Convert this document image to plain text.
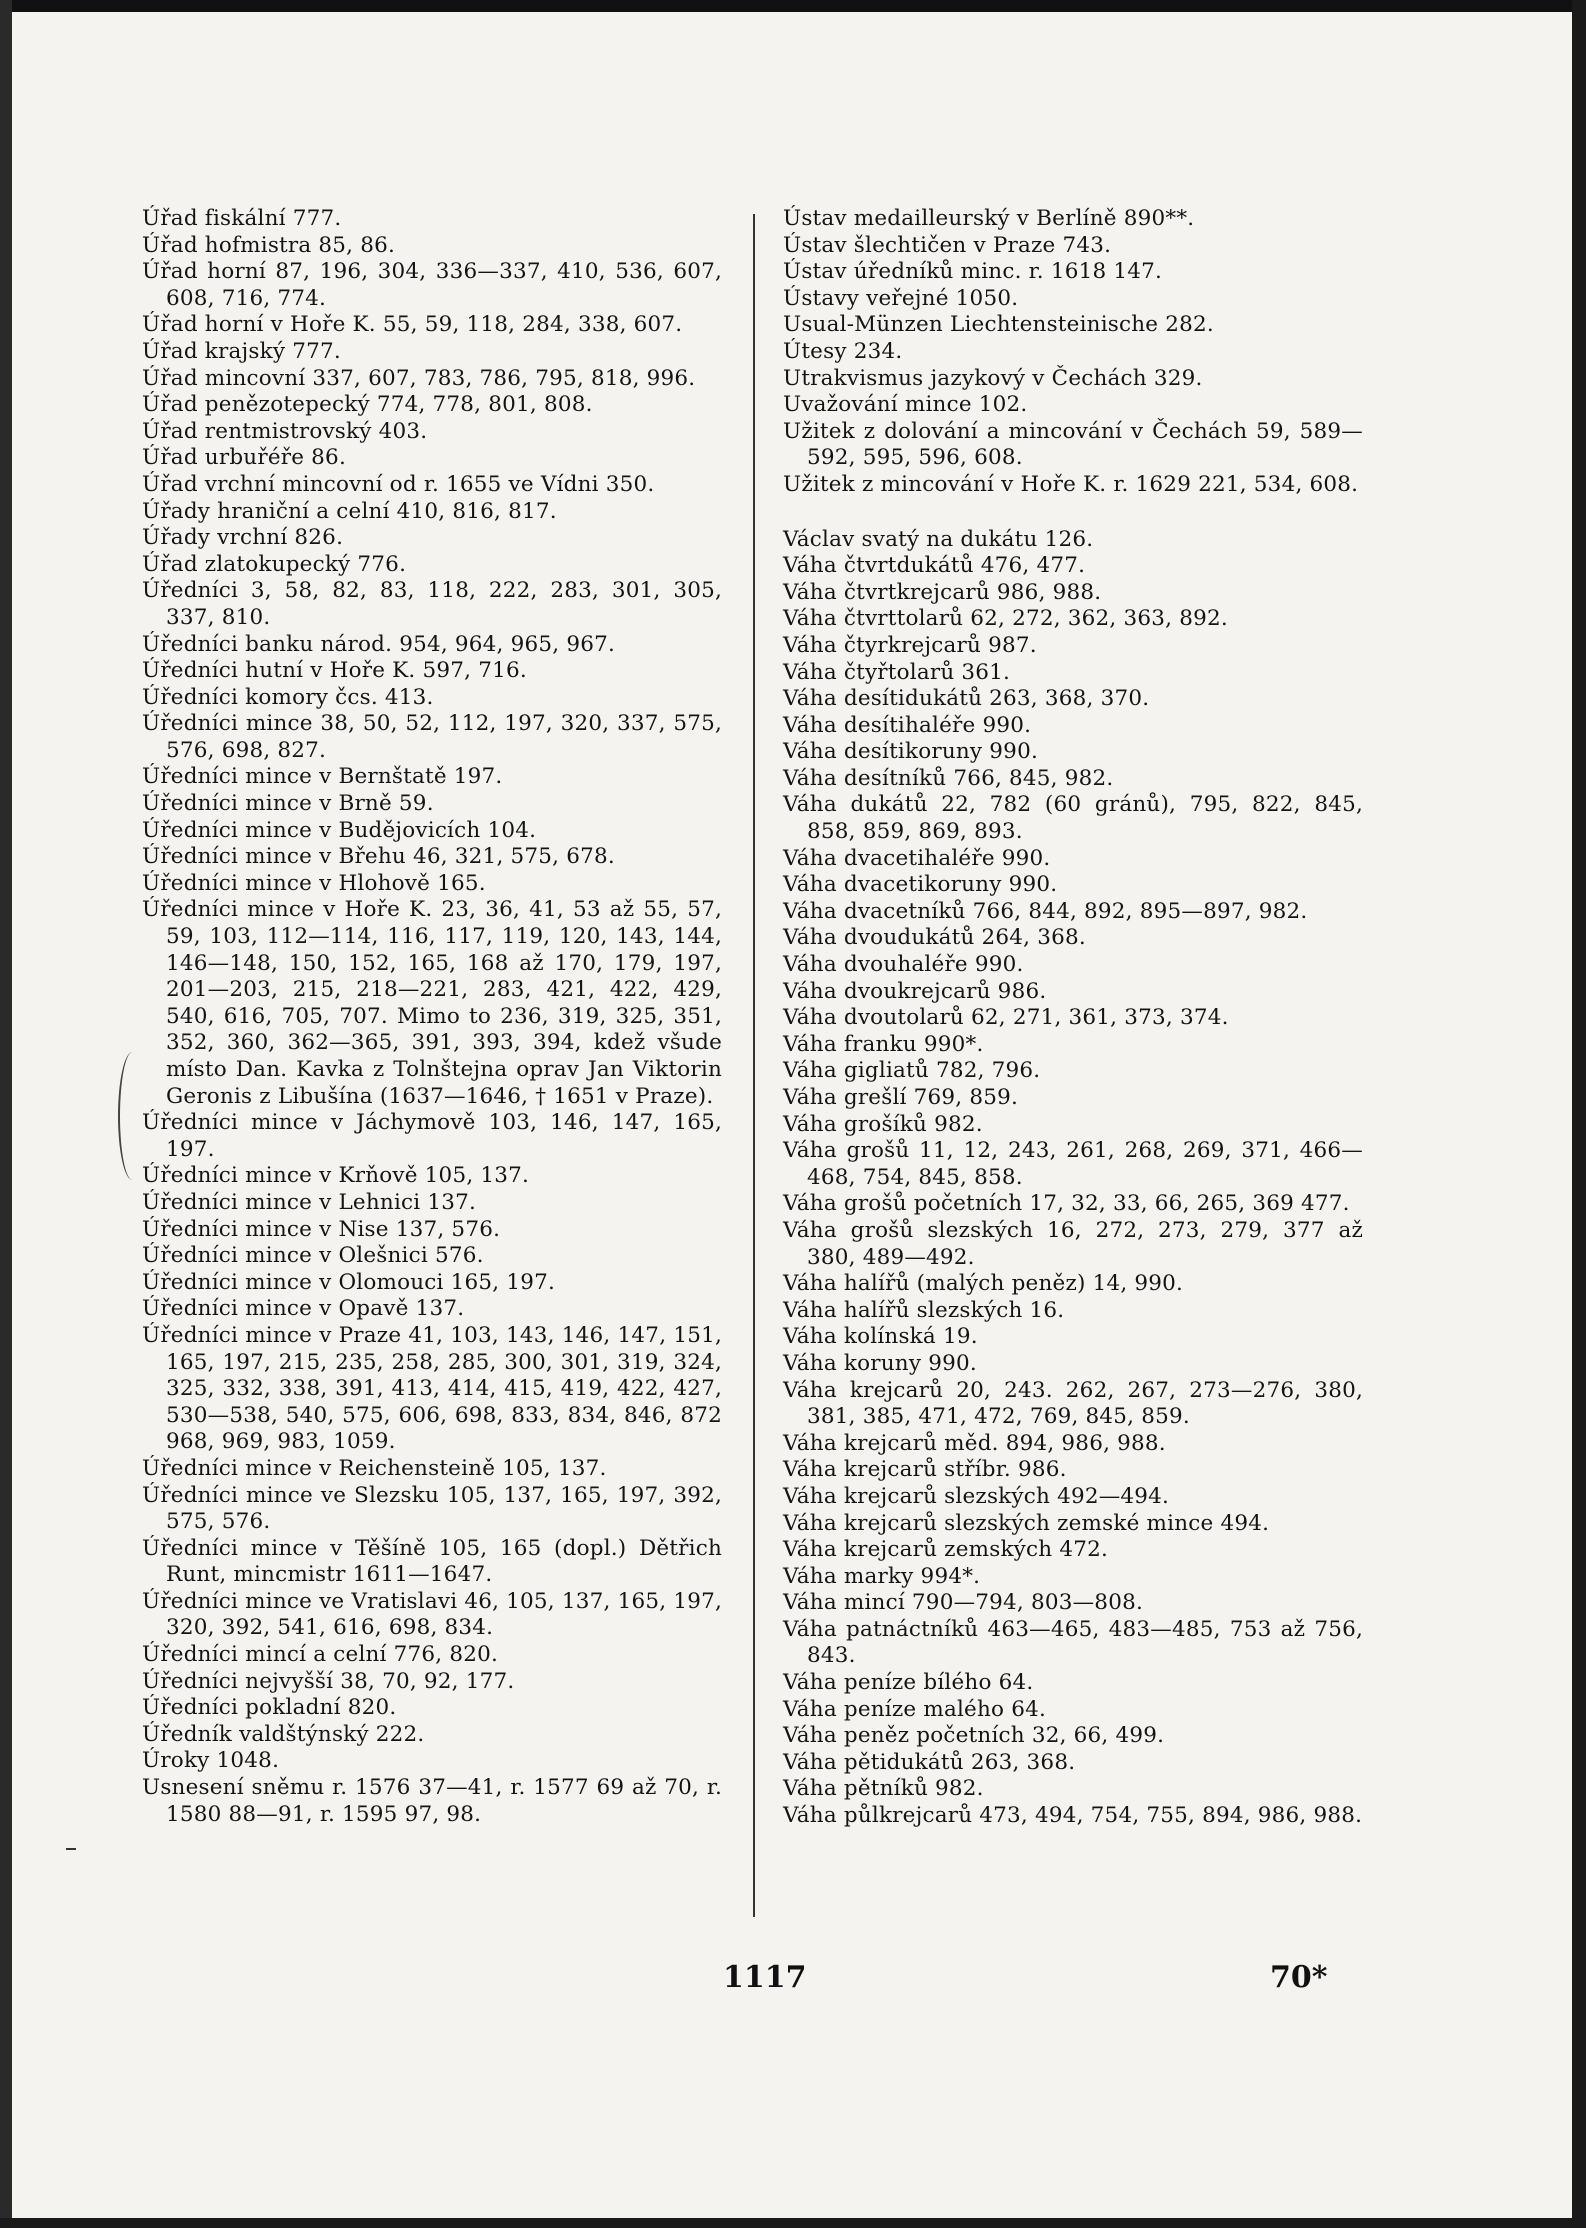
Úřad fiskální 777.
Úřad hofmistra 85, 86.
Úřad horní 87, 196, 304, 336—337, 410, 536, 607, 608, 716, 774.
Úřad horní v Hoře K. 55, 59, 118, 284, 338, 607.
Úřad krajský 777.
Úřad mincovní 337, 607, 783, 786, 795, 818, 996.
Úřad penězotepecký 774, 778, 801, 808.
Úřad rentmistrovský 403.
Úřad urbuřéře 86.
Úřad vrchní mincovní od r. 1655 ve Vídni 350.
Úřady hraniční a celní 410, 816, 817.
Úřady vrchní 826.
Úřad zlatokupecký 776.
Úředníci 3, 58, 82, 83, 118, 222, 283, 301, 305, 337, 810.
Úředníci banku národ. 954, 964, 965, 967.
Úředníci hutní v Hoře K. 597, 716.
Úředníci komory čcs. 413.
Úředníci mince 38, 50, 52, 112, 197, 320, 337, 575, 576, 698, 827.
Úředníci mince v Bernštatě 197.
Úředníci mince v Brně 59.
Úředníci mince v Budějovicích 104.
Úředníci mince v Břehu 46, 321, 575, 678.
Úředníci mince v Hlohově 165.
Úředníci mince v Hoře K. 23, 36, 41, 53 až 55, 57, 59, 103, 112—114, 116, 117, 119, 120, 143, 144, 146—148, 150, 152, 165, 168 až 170, 179, 197, 201—203, 215, 218—221, 283, 421, 422, 429, 540, 616, 705, 707. Mimo to 236, 319, 325, 351, 352, 360, 362—365, 391, 393, 394, kdež všude místo Dan. Kavka z Tolnštejna oprav Jan Viktorin Geronis z Libušína (1637—1646, † 1651 v Praze).
Úředníci mince v Jáchymově 103, 146, 147, 165, 197.
Úředníci mince v Krňově 105, 137.
Úředníci mince v Lehnici 137.
Úředníci mince v Nise 137, 576.
Úředníci mince v Olešnici 576.
Úředníci mince v Olomouci 165, 197.
Úředníci mince v Opavě 137.
Úředníci mince v Praze 41, 103, 143, 146, 147, 151, 165, 197, 215, 235, 258, 285, 300, 301, 319, 324, 325, 332, 338, 391, 413, 414, 415, 419, 422, 427, 530—538, 540, 575, 606, 698, 833, 834, 846, 872 968, 969, 983, 1059.
Úředníci mince v Reichensteině 105, 137.
Úředníci mince ve Slezsku 105, 137, 165, 197, 392, 575, 576.
Úředníci mince v Těšíně 105, 165 (dopl.) Dětřich Runt, mincmistr 1611—1647.
Úředníci mince ve Vratislavi 46, 105, 137, 165, 197, 320, 392, 541, 616, 698, 834.
Úředníci mincí a celní 776, 820.
Úředníci nejvyšší 38, 70, 92, 177.
Úředníci pokladní 820.
Úředník valdštýnský 222.
Úroky 1048.
Usnesení sněmu r. 1576 37—41, r. 1577 69 až 70, r. 1580 88—91, r. 1595 97, 98.
Ústav medailleurský v Berlíně 890**.
Ústav šlechtičen v Praze 743.
Ústav úředníků minc. r. 1618 147.
Ústavy veřejné 1050.
Usual-Münzen Liechtensteinische 282.
Útesy 234.
Utrakvismus jazykový v Čechách 329.
Uvažování mince 102.
Užitek z dolování a mincování v Čechách 59, 589—592, 595, 596, 608.
Užitek z mincování v Hoře K. r. 1629 221, 534, 608.
Václav svatý na dukátu 126.
Váha čtvrtdukátů 476, 477.
Váha čtvrtkrejcarů 986, 988.
Váha čtvrttolarů 62, 272, 362, 363, 892.
Váha čtyrkrejcarů 987.
Váha čtyřtolarů 361.
Váha desítidukátů 263, 368, 370.
Váha desítihaléře 990.
Váha desítikoruny 990.
Váha desítníků 766, 845, 982.
Váha dukátů 22, 782 (60 gránů), 795, 822, 845, 858, 859, 869, 893.
Váha dvacetihaléře 990.
Váha dvacetikoruny 990.
Váha dvacetníků 766, 844, 892, 895—897, 982.
Váha dvoudukátů 264, 368.
Váha dvouhaléře 990.
Váha dvoukrejcarů 986.
Váha dvoutolarů 62, 271, 361, 373, 374.
Váha franku 990*.
Váha gigliatů 782, 796.
Váha grešlí 769, 859.
Váha grošíků 982.
Váha grošů 11, 12, 243, 261, 268, 269, 371, 466—468, 754, 845, 858.
Váha grošů početních 17, 32, 33, 66, 265, 369 477.
Váha grošů slezských 16, 272, 273, 279, 377 až 380, 489—492.
Váha halířů (malých peněz) 14, 990.
Váha halířů slezských 16.
Váha kolínská 19.
Váha koruny 990.
Váha krejcarů 20, 243. 262, 267, 273—276, 380, 381, 385, 471, 472, 769, 845, 859.
Váha krejcarů měd. 894, 986, 988.
Váha krejcarů stříbr. 986.
Váha krejcarů slezských 492—494.
Váha krejcarů slezských zemské mince 494.
Váha krejcarů zemských 472.
Váha marky 994*.
Váha mincí 790—794, 803—808.
Váha patnáctníků 463—465, 483—485, 753 až 756, 843.
Váha peníze bílého 64.
Váha peníze malého 64.
Váha peněz početních 32, 66, 499.
Váha pětidukátů 263, 368.
Váha pětníků 982.
Váha půlkrejcarů 473, 494, 754, 755, 894, 986, 988.
1117	70*
